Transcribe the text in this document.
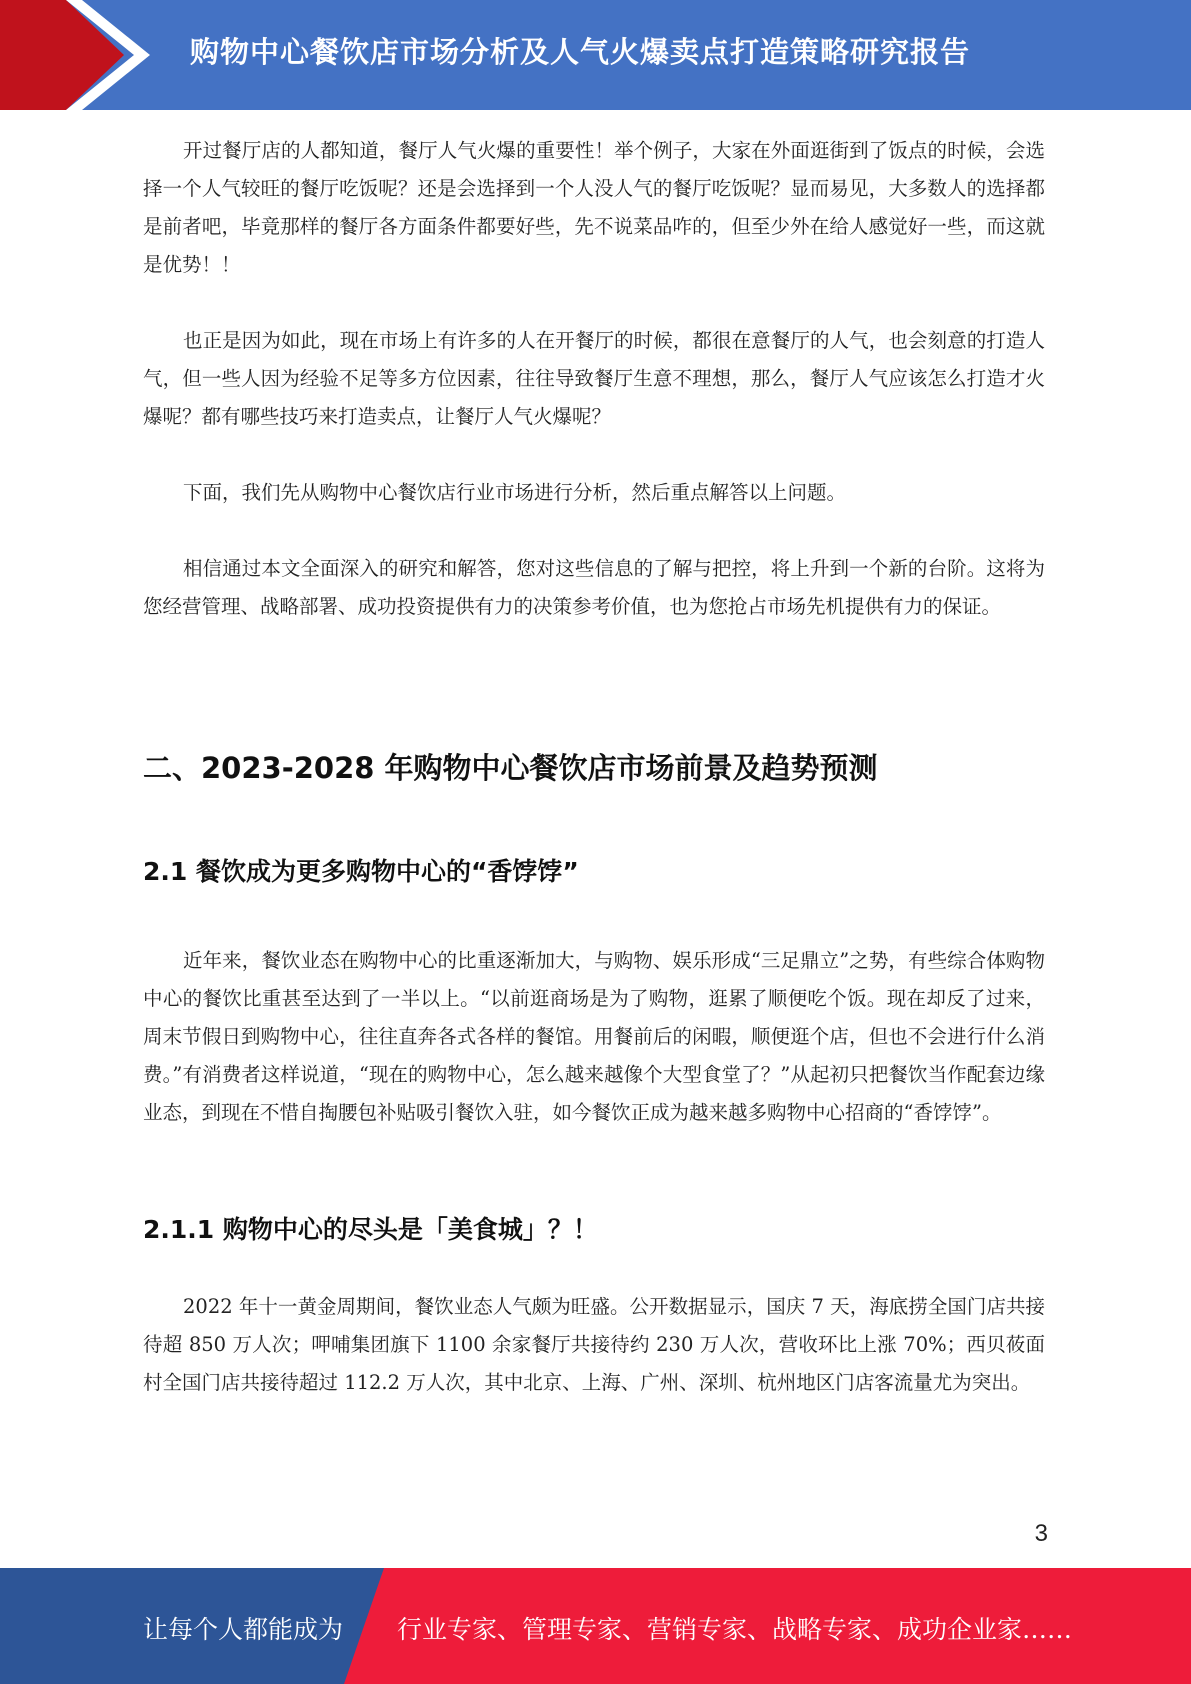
购物中心餐饮店市场分析及人气火爆卖点打造策略研究报告

开过餐厅店的人都知道，餐厅人气火爆的重要性！举个例子，大家在外面逛街到了饭点的时候，会选择一个人气较旺的餐厅吃饭呢？还是会选择到一个人没人气的餐厅吃饭呢？显而易见，大多数人的选择都是前者吧，毕竟那样的餐厅各方面条件都要好些，先不说菜品咋的，但至少外在给人感觉好一些，而这就是优势！！

也正是因为如此，现在市场上有许多的人在开餐厅的时候，都很在意餐厅的人气，也会刻意的打造人气，但一些人因为经验不足等多方位因素，往往导致餐厅生意不理想，那么，餐厅人气应该怎么打造才火爆呢？都有哪些技巧来打造卖点，让餐厅人气火爆呢？

下面，我们先从购物中心餐饮店行业市场进行分析，然后重点解答以上问题。

相信通过本文全面深入的研究和解答，您对这些信息的了解与把控，将上升到一个新的台阶。这将为您经营管理、战略部署、成功投资提供有力的决策参考价值，也为您抢占市场先机提供有力的保证。

二、2023-2028 年购物中心餐饮店市场前景及趋势预测
2.1 餐饮成为更多购物中心的“香饽饽”

近年来，餐饮业态在购物中心的比重逐渐加大，与购物、娱乐形成“三足鼎立”之势，有些综合体购物中心的餐饮比重甚至达到了一半以上。“以前逛商场是为了购物，逛累了顺便吃个饭。现在却反了过来，周末节假日到购物中心，往往直奔各式各样的餐馆。用餐前后的闲暇，顺便逛个店，但也不会进行什么消费。”有消费者这样说道，“现在的购物中心，怎么越来越像个大型食堂了？”从起初只把餐饮当作配套边缘业态，到现在不惜自掏腰包补贴吸引餐饮入驻，如今餐饮正成为越来越多购物中心招商的“香饽饽”。

2.1.1 购物中心的尽头是「美食城」？！

2022 年十一黄金周期间，餐饮业态人气颇为旺盛。公开数据显示，国庆 7 天，海底捞全国门店共接待超 850 万人次；呷哺集团旗下 1100 余家餐厅共接待约 230 万人次，营收环比上涨 70%；西贝莜面村全国门店共接待超过 112.2 万人次，其中北京、上海、广州、深圳、杭州地区门店客流量尤为突出。

3
让每个人都能成为 行业专家、管理专家、营销专家、战略专家、成功企业家……
